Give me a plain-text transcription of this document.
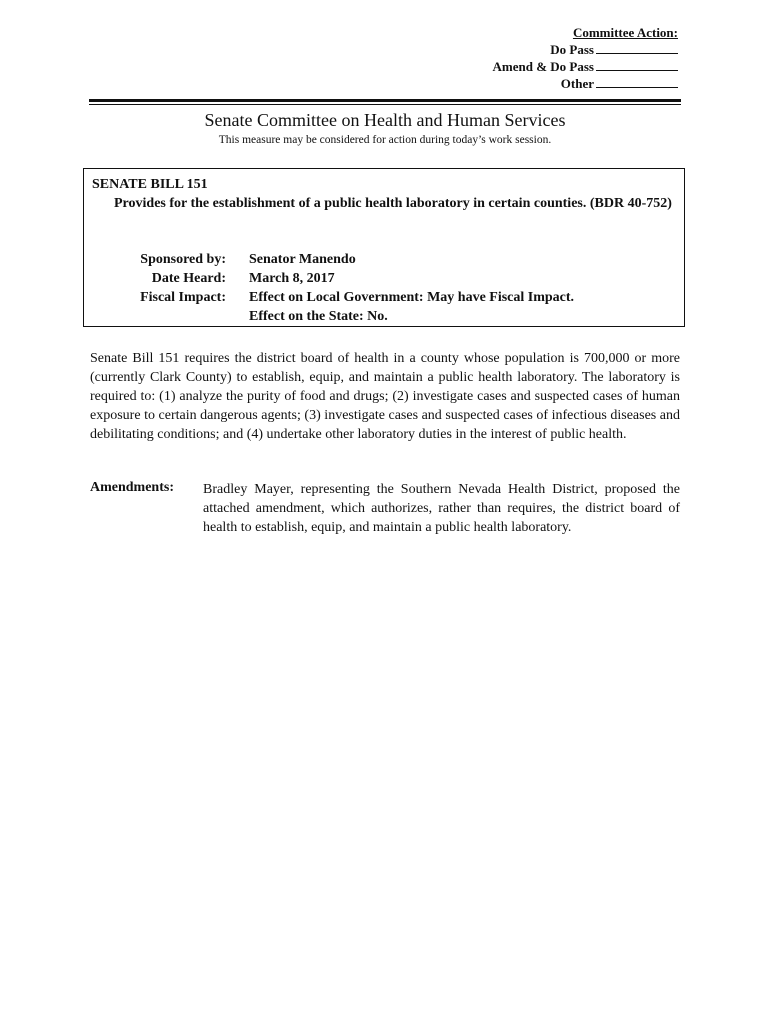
Committee Action:
Do Pass
Amend & Do Pass
Other
Senate Committee on Health and Human Services
This measure may be considered for action during today’s work session.
SENATE BILL 151
Provides for the establishment of a public health laboratory in certain counties. (BDR 40-752)
Sponsored by: Senator Manendo
Date Heard: March 8, 2017
Fiscal Impact: Effect on Local Government: May have Fiscal Impact.
Effect on the State: No.
Senate Bill 151 requires the district board of health in a county whose population is 700,000 or more (currently Clark County) to establish, equip, and maintain a public health laboratory. The laboratory is required to: (1) analyze the purity of food and drugs; (2) investigate cases and suspected cases of human exposure to certain dangerous agents; (3) investigate cases and suspected cases of infectious diseases and debilitating conditions; and (4) undertake other laboratory duties in the interest of public health.
Amendments: Bradley Mayer, representing the Southern Nevada Health District, proposed the attached amendment, which authorizes, rather than requires, the district board of health to establish, equip, and maintain a public health laboratory.
